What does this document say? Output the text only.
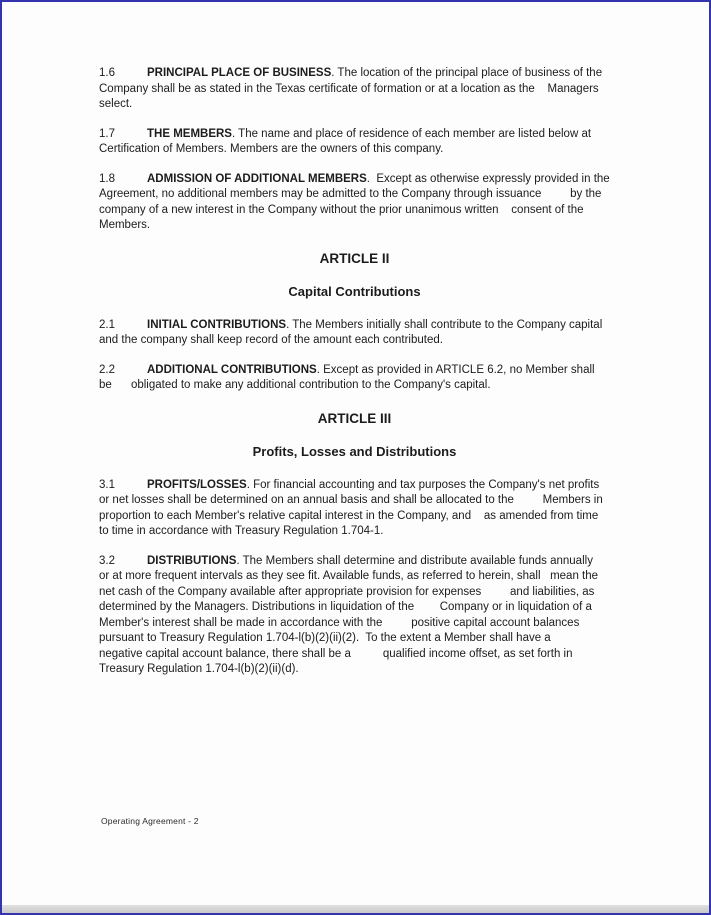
1.6	PRINCIPAL PLACE OF BUSINESS. The location of the principal place of business of the         Company shall be as stated in the Texas certificate of formation or at a location as the    Managers select.

1.7	THE MEMBERS. The name and place of residence of each member are listed below at        Certification of Members. Members are the owners of this company.

1.8	ADMISSION OF ADDITIONAL MEMBERS.  Except as otherwise expressly provided in the         Agreement, no additional members may be admitted to the Company through issuance         by the         company of a new interest in the Company without the prior unanimous written    consent of the Members.

ARTICLE II

Capital Contributions

2.1	INITIAL CONTRIBUTIONS. The Members initially shall contribute to the Company capital       and the company shall keep record of the amount each contributed.

2.2	ADDITIONAL CONTRIBUTIONS. Except as provided in ARTICLE 6.2, no Member shall be      obligated to make any additional contribution to the Company's capital.

ARTICLE III

Profits, Losses and Distributions

3.1	PROFITS/LOSSES. For financial accounting and tax purposes the Company's net profits      or net losses shall be determined on an annual basis and shall be allocated to the         Members in proportion to each Member's relative capital interest in the Company, and    as amended from time to time in accordance with Treasury Regulation 1.704-1.

3.2	DISTRIBUTIONS. The Members shall determine and distribute available funds annually       or at more frequent intervals as they see fit. Available funds, as referred to herein, shall   mean the net cash of the Company available after appropriate provision for expenses         and liabilities, as determined by the Managers. Distributions in liquidation of the        Company or in liquidation of a Member's interest shall be made in accordance with the         positive capital account balances pursuant to Treasury Regulation 1.704-l(b)(2)(ii)(2).  To the extent a Member shall have a      negative capital account balance, there shall be a          qualified income offset, as set forth in Treasury Regulation 1.704-l(b)(2)(ii)(d).

Operating Agreement - 2
